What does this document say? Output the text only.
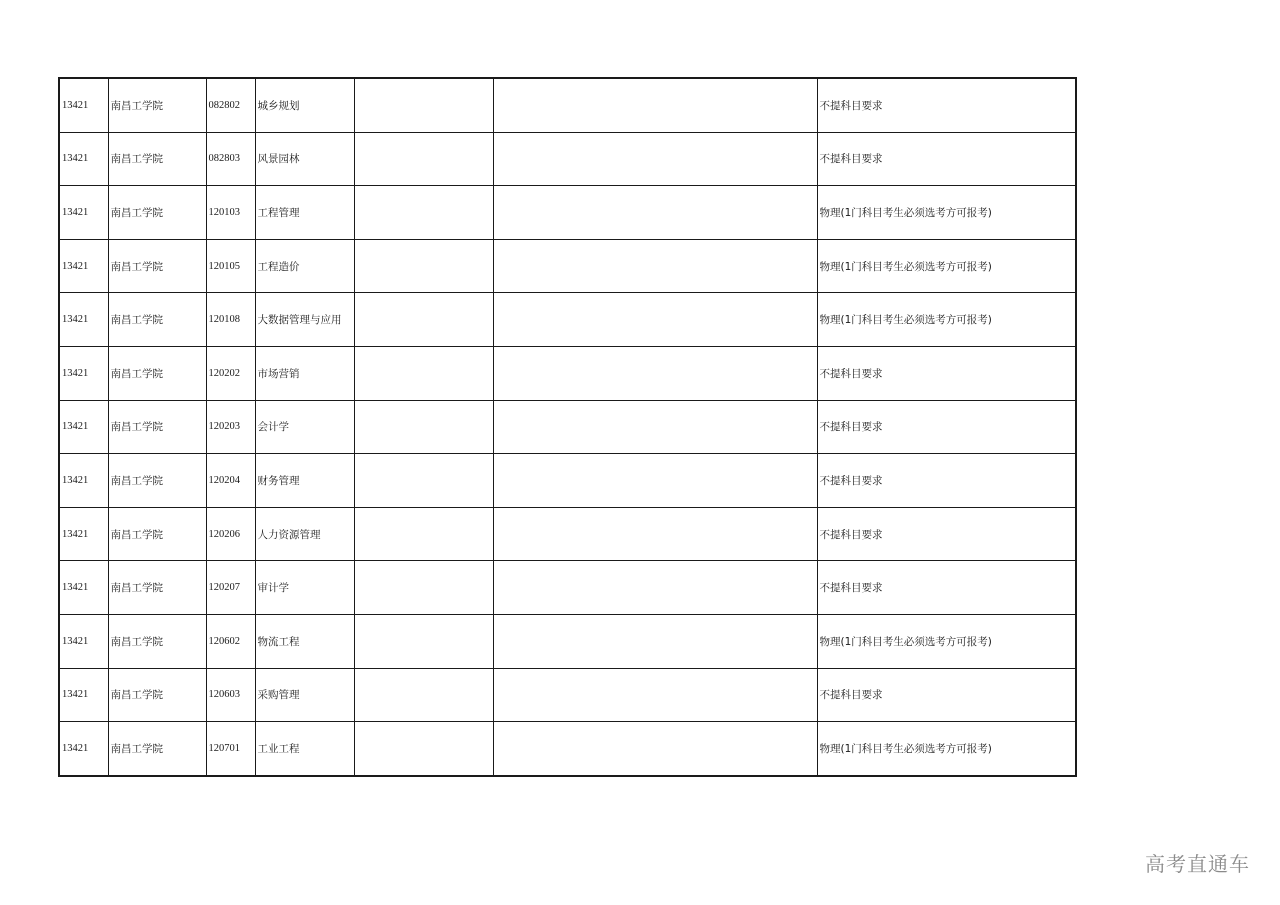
13421	南昌工学院	082802	城乡规划			不提科目要求
13421	南昌工学院	082803	风景园林			不提科目要求
13421	南昌工学院	120103	工程管理			物理(1门科目考生必须选考方可报考)
13421	南昌工学院	120105	工程造价			物理(1门科目考生必须选考方可报考)
13421	南昌工学院	120108	大数据管理与应用			物理(1门科目考生必须选考方可报考)
13421	南昌工学院	120202	市场营销			不提科目要求
13421	南昌工学院	120203	会计学			不提科目要求
13421	南昌工学院	120204	财务管理			不提科目要求
13421	南昌工学院	120206	人力资源管理			不提科目要求
13421	南昌工学院	120207	审计学			不提科目要求
13421	南昌工学院	120602	物流工程			物理(1门科目考生必须选考方可报考)
13421	南昌工学院	120603	采购管理			不提科目要求
13421	南昌工学院	120701	工业工程			物理(1门科目考生必须选考方可报考)
高考直通车
